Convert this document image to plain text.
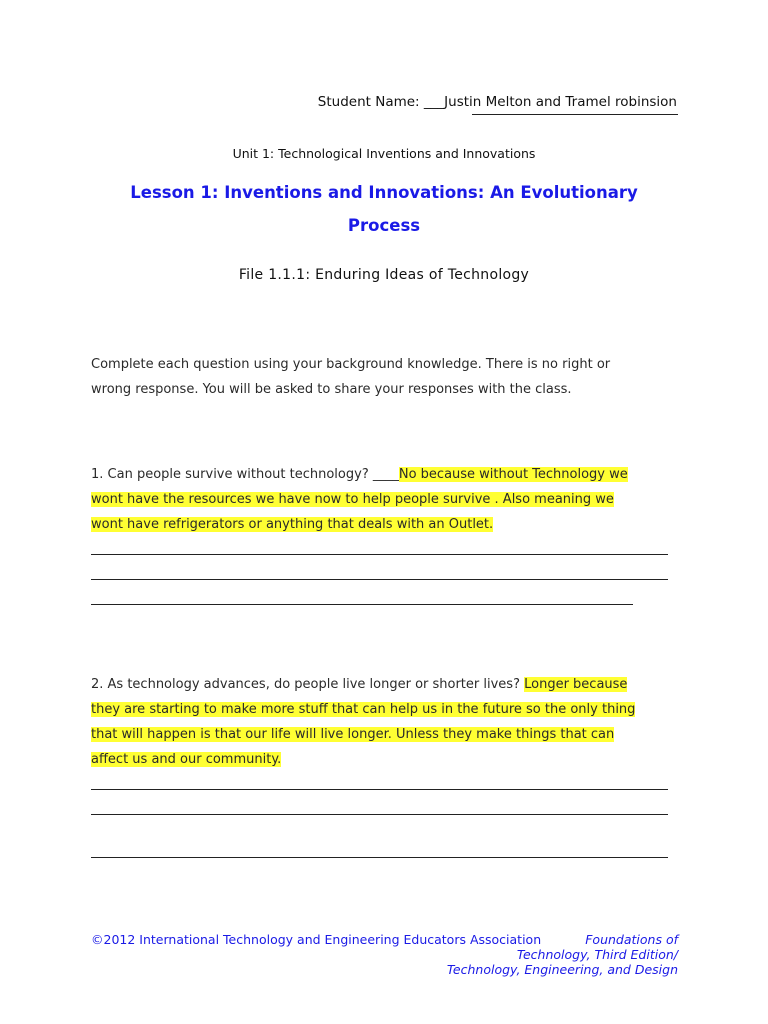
Student Name: ___Justin Melton and Tramel robinsion
Unit 1: Technological Inventions and Innovations
Lesson 1: Inventions and Innovations: An Evolutionary
Process
File 1.1.1: Enduring Ideas of Technology
Complete each question using your background knowledge. There is no right or
wrong response. You will be asked to share your responses with the class.
1. Can people survive without technology? ____No because without Technology we
wont have the resources we have now to help people survive . Also meaning we
wont have refrigerators or anything that deals with an Outlet.
2. As technology advances, do people live longer or shorter lives? Longer because
they are starting to make more stuff that can help us in the future so the only thing
that will happen is that our life will live longer. Unless they make things that can
affect us and our community.
©2012 International Technology and Engineering Educators Association	Foundations of
Technology, Third Edition/
Technology, Engineering, and Design
